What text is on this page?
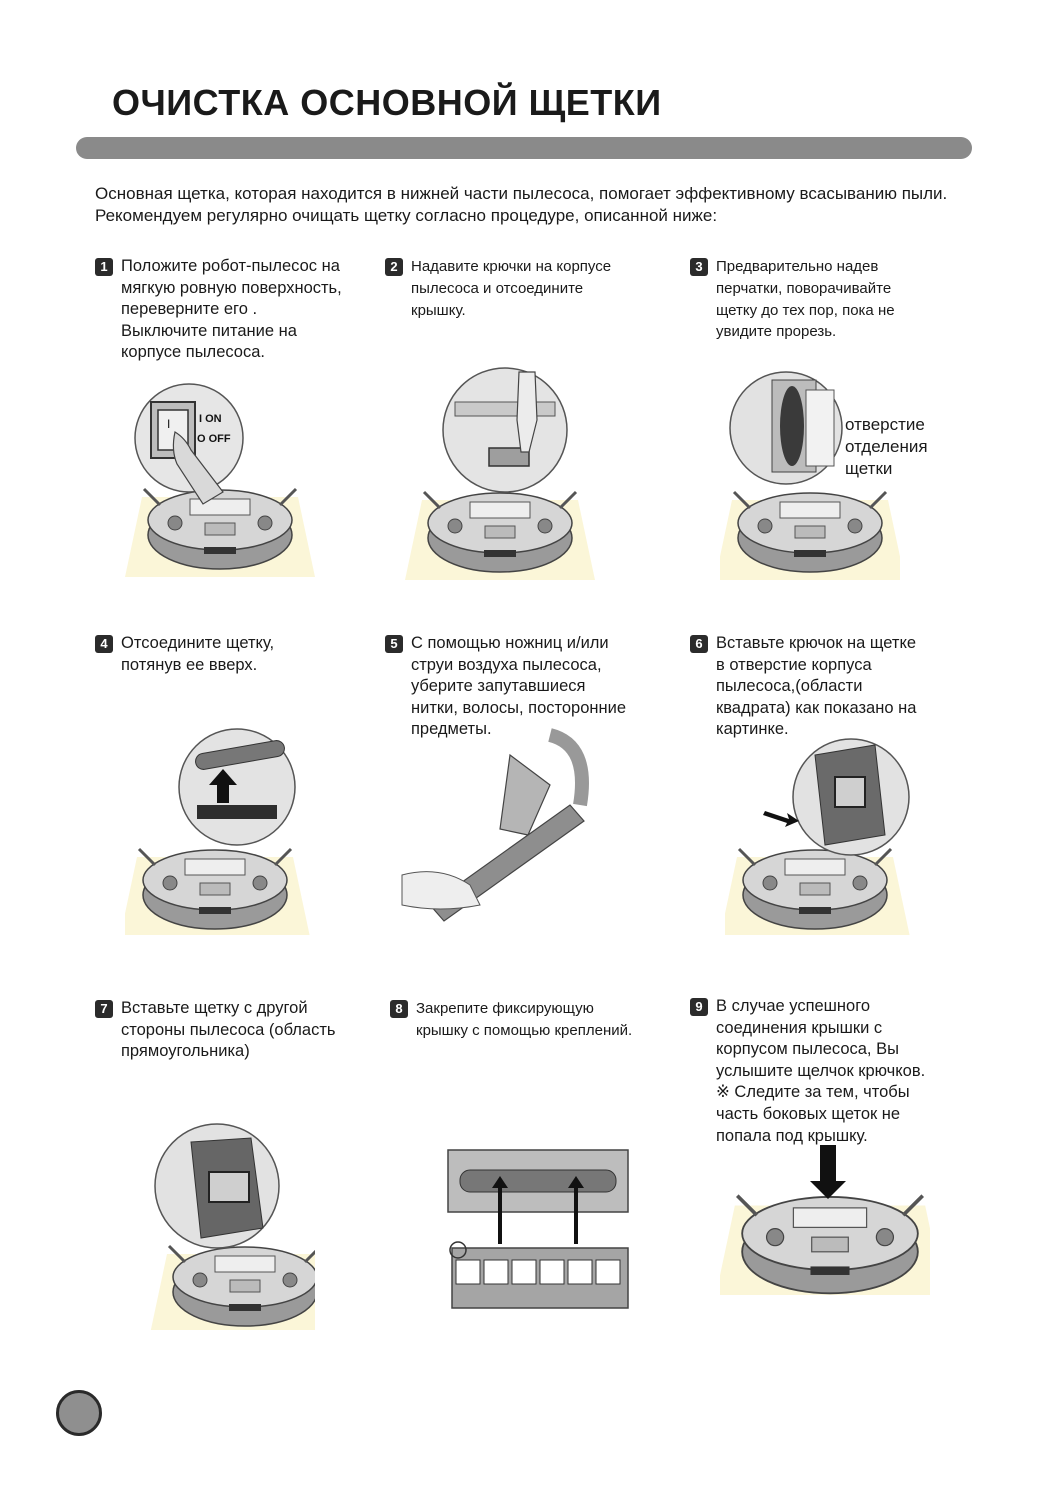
ОЧИСТКА ОСНОВНОЙ ЩЕТКИ

Основная щетка, которая находится в нижней части пылесоса, помогает эффективному всасыванию пыли. Рекомендуем регулярно очищать щетку согласно процедуре, описанной ниже:

1 Положите робот-пылесос на
мягкую ровную поверхность,
переверните его .
Выключите питание на
корпусе пылесоса.
I	I ON
O OFF
2 Надавите крючки на корпусе
пылесоса и отсоедините
крышку.
3 Предварительно надев
перчатки, поворачивайте
щетку до тех пор, пока не
увидите прорезь.
отверстие
отделения
щетки
4 Отсоедините щетку,
потянув ее вверх.
5 С помощью ножниц и/или
струи воздуха пылесоса,
уберите запутавшиеся
нитки, волосы, посторонние
предметы.
6 Вставьте крючок на щетке
в отверстие корпуса
пылесоса,(области
квадрата) как показано на
картинке.
7 Вставьте щетку с другой
стороны пылесоса (область
прямоугольника)
8 Закрепите фиксирующую
крышку с помощью креплений.
9 В случае успешного
соединения крышки с
корпусом пылесоса, Вы
услышите щелчок крючков.
※ Следите за тем, чтобы
часть боковых щеток не
попала под крышку.
